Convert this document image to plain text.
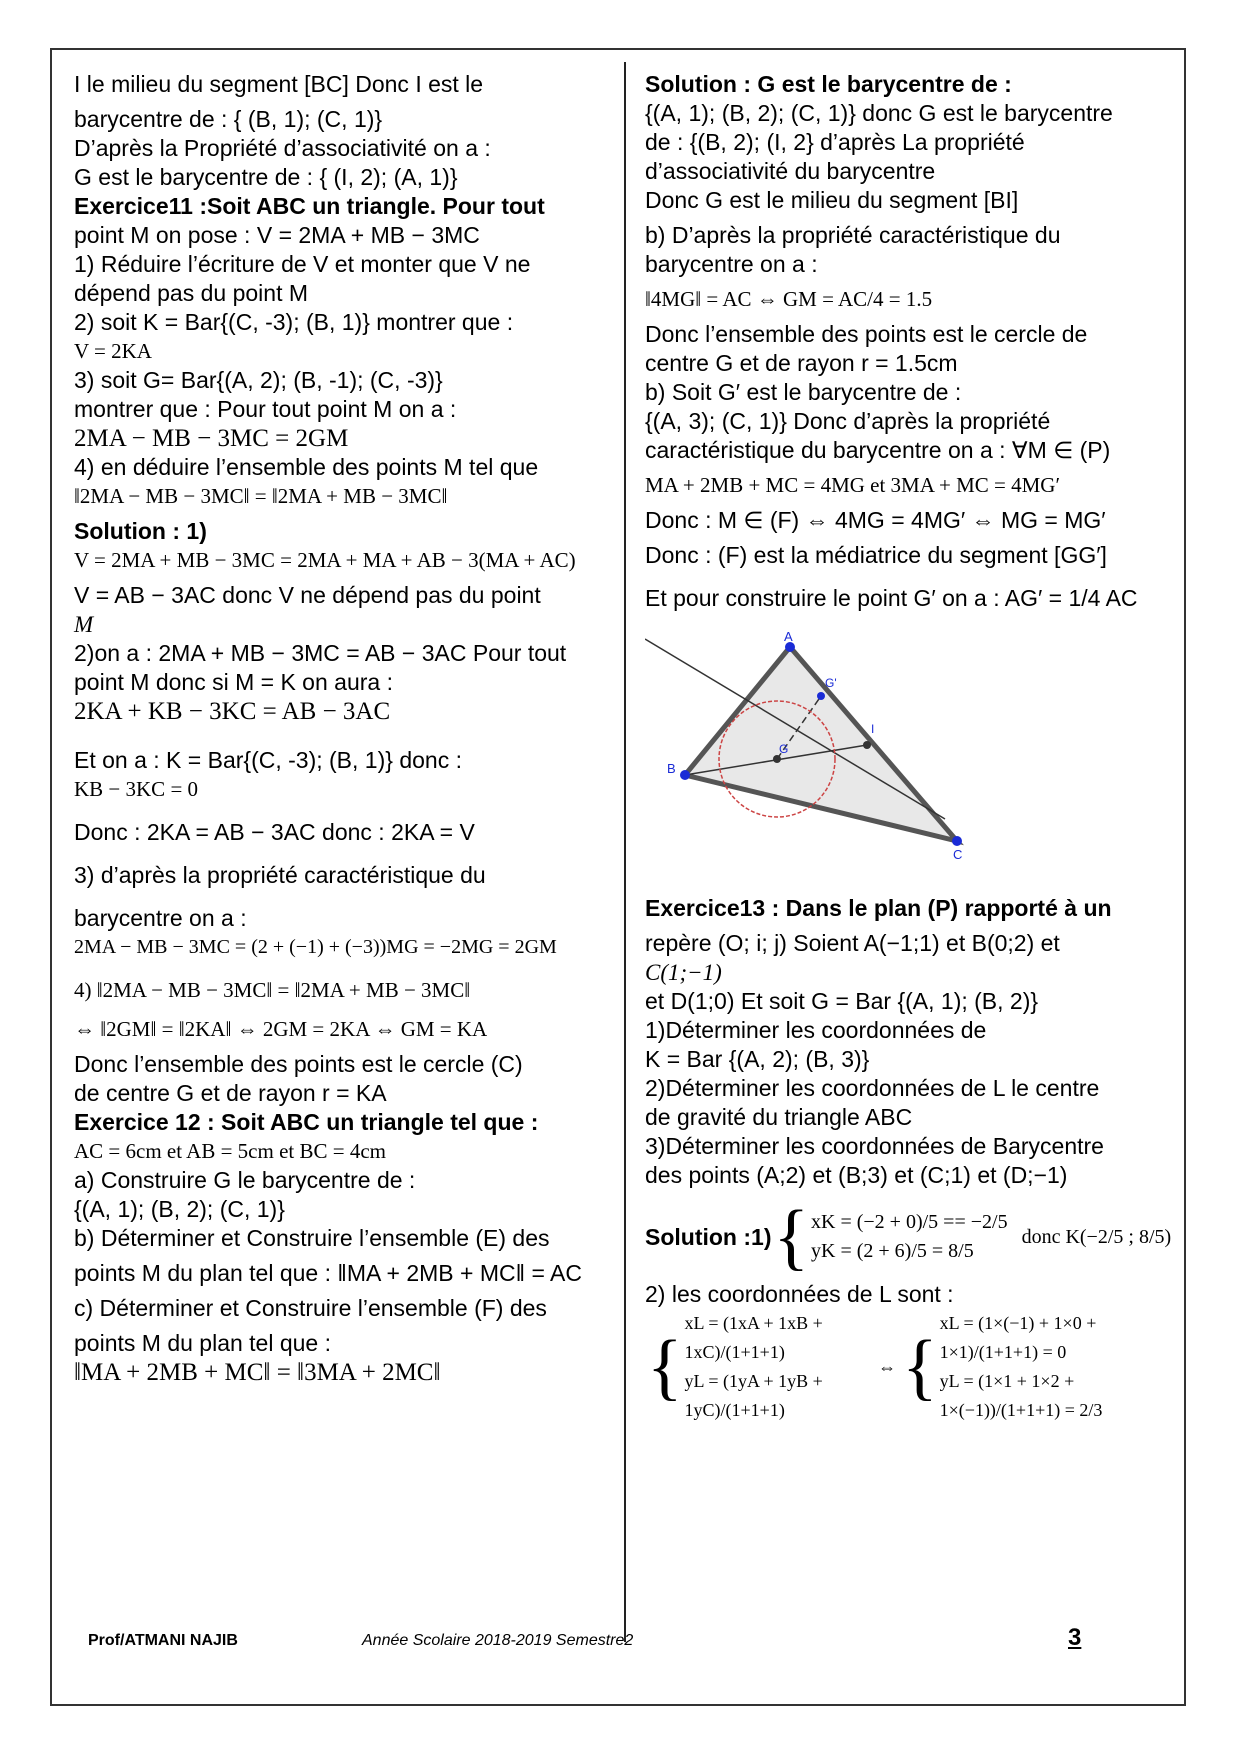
I le milieu du segment [BC] Donc I est le
barycentre de : { (B, 1); (C, 1)}
D’après la Propriété d’associativité on a :
G est le barycentre de : { (I, 2); (A, 1)}
Exercice11 :Soit ABC un triangle. Pour tout
point M on pose : V = 2MA + MB − 3MC
1) Réduire l’écriture de V et monter que V ne
dépend pas du point M
2) soit K = Bar{(C, -3); (B, 1)} montrer que :
V = 2KA
3) soit G= Bar{(A, 2); (B, -1); (C, -3)}
montrer que : Pour tout point M on a :
2MA − MB − 3MC = 2GM
4) en déduire l’ensemble des points M tel que
‖2MA − MB − 3MC‖ = ‖2MA + MB − 3MC‖
Solution : 1)
V = 2MA + MB − 3MC = 2MA + MA + AB − 3(MA + AC)
V = AB − 3AC donc V ne dépend pas du point
M
2)on a : 2MA + MB − 3MC = AB − 3AC Pour tout
point M donc si M = K on aura :
2KA + KB − 3KC = AB − 3AC
Et on a : K = Bar{(C, -3); (B, 1)} donc :
KB − 3KC = 0
Donc : 2KA = AB − 3AC donc : 2KA = V
3) d’après la propriété caractéristique du
barycentre on a :
2MA − MB − 3MC = (2 + (−1) + (−3))MG = −2MG = 2GM
4) ‖2MA − MB − 3MC‖ = ‖2MA + MB − 3MC‖
⇔ ‖2GM‖ = ‖2KA‖ ⇔ 2GM = 2KA ⇔ GM = KA
Donc l’ensemble des points est le cercle (C)
de centre G et de rayon r = KA
Exercice 12 : Soit ABC un triangle tel que :
AC = 6cm et AB = 5cm et BC = 4cm
a) Construire G le barycentre de :
{(A, 1); (B, 2); (C, 1)}
b) Déterminer et Construire l’ensemble (E) des
points M du plan tel que : ‖MA + 2MB + MC‖ = AC
c) Déterminer et Construire l’ensemble (F) des
points M du plan tel que :
‖MA + 2MB + MC‖ = ‖3MA + 2MC‖
Solution : G est le barycentre de :
{(A, 1); (B, 2); (C, 1)} donc G est le barycentre
de : {(B, 2); (I, 2} d’après La propriété
d’associativité du barycentre
Donc G est le milieu du segment [BI]
b) D’après la propriété caractéristique du
barycentre on a :
‖4MG‖ = AC ⇔ GM = AC/4 = 1.5
Donc l’ensemble des points est le cercle de
centre G et de rayon r = 1.5cm
b) Soit G′ est le barycentre de :
{(A, 3); (C, 1)} Donc d’après la propriété
caractéristique du barycentre on a : ∀M ∈ (P)
MA + 2MB + MC = 4MG et 3MA + MC = 4MG′
Donc : M ∈ (F) ⇔ 4MG = 4MG′ ⇔ MG = MG′
Donc : (F) est la médiatrice du segment [GG′]
Et pour construire le point G′ on a : AG′ = 1/4 AC
A
B
C
G
G'
I
Exercice13 : Dans le plan (P) rapporté à un
repère (O; i; j) Soient A(−1;1) et B(0;2) et
C(1;−1)
et D(1;0) Et soit G = Bar {(A, 1); (B, 2)}
1)Déterminer les coordonnées de
K = Bar {(A, 2); (B, 3)}
2)Déterminer les coordonnées de L le centre
de gravité du triangle ABC
3)Déterminer les coordonnées de Barycentre
des points (A;2) et (B;3) et (C;1) et (D;−1)
Solution :1) { xK = (−2 + 0)/5 == −2/5
yK = (2 + 6)/5 = 8/5
donc K(−2/5 ; 8/5)
2) les coordonnées de L sont :
{
xL = (1xA + 1xB + 1xC)/(1+1+1)
yL = (1yA + 1yB + 1yC)/(1+1+1)
⇔ {
xL = (1×(−1) + 1×0 + 1×1)/(1+1+1) = 0
yL = (1×1 + 1×2 + 1×(−1))/(1+1+1) = 2/3
Prof/ATMANI NAJIB	Année Scolaire 2018-2019 Semestre2	3
